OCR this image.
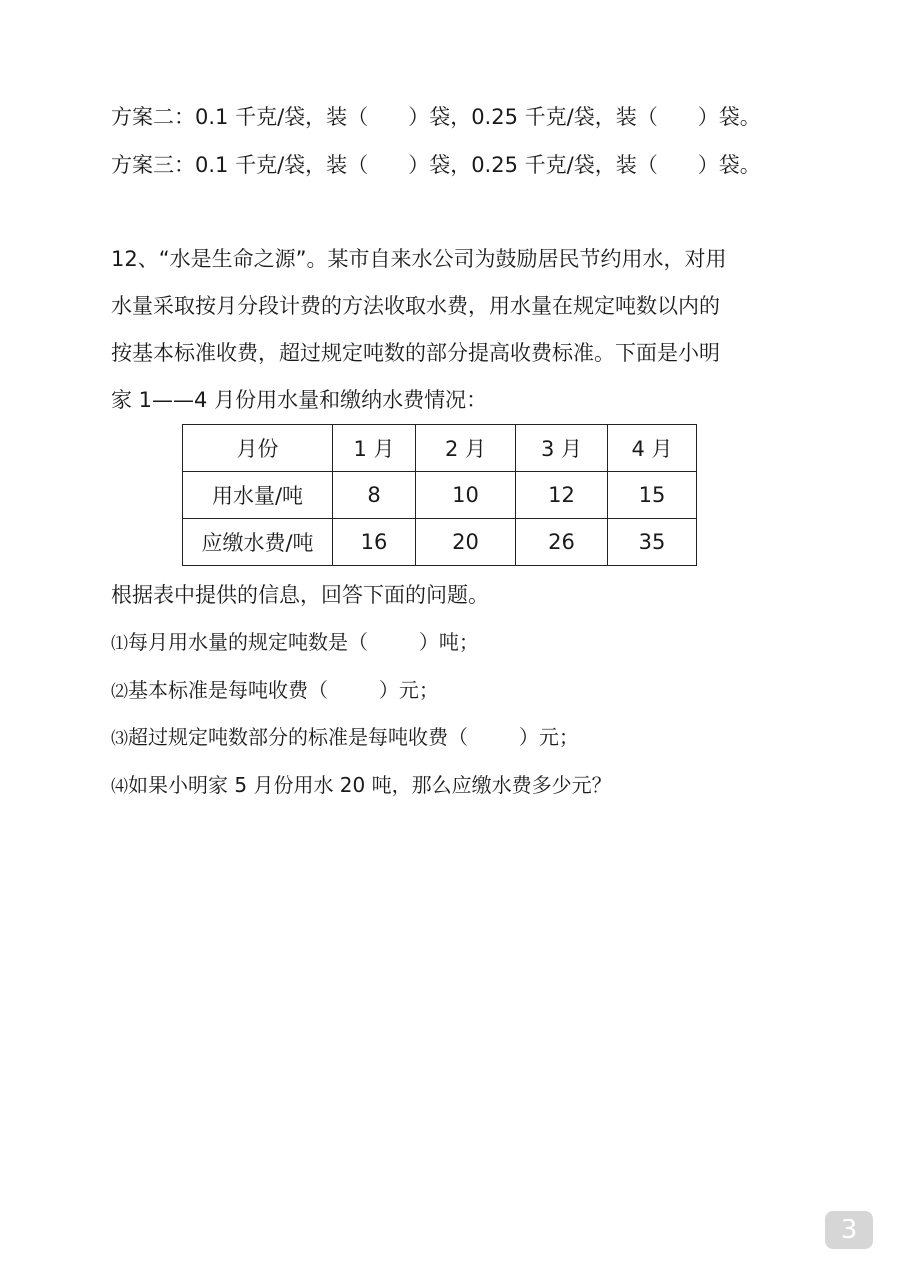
方案二：0.1 千克/袋，装（      ）袋，0.25 千克/袋，装（      ）袋。
方案三：0.1 千克/袋，装（      ）袋，0.25 千克/袋，装（      ）袋。
12、“水是生命之源”。某市自来水公司为鼓励居民节约用水，对用
水量采取按月分段计费的方法收取水费，用水量在规定吨数以内的
按基本标准收费，超过规定吨数的部分提高收费标准。下面是小明
家 1——4 月份用水量和缴纳水费情况：
月份	1 月	2 月	3 月	4 月
用水量/吨	8	10	12	15
应缴水费/吨	16	20	26	35
根据表中提供的信息，回答下面的问题。
⑴每月用水量的规定吨数是（        ）吨；
⑵基本标准是每吨收费（        ）元；
⑶超过规定吨数部分的标准是每吨收费（        ）元；
⑷如果小明家 5 月份用水 20 吨，那么应缴水费多少元？
3
